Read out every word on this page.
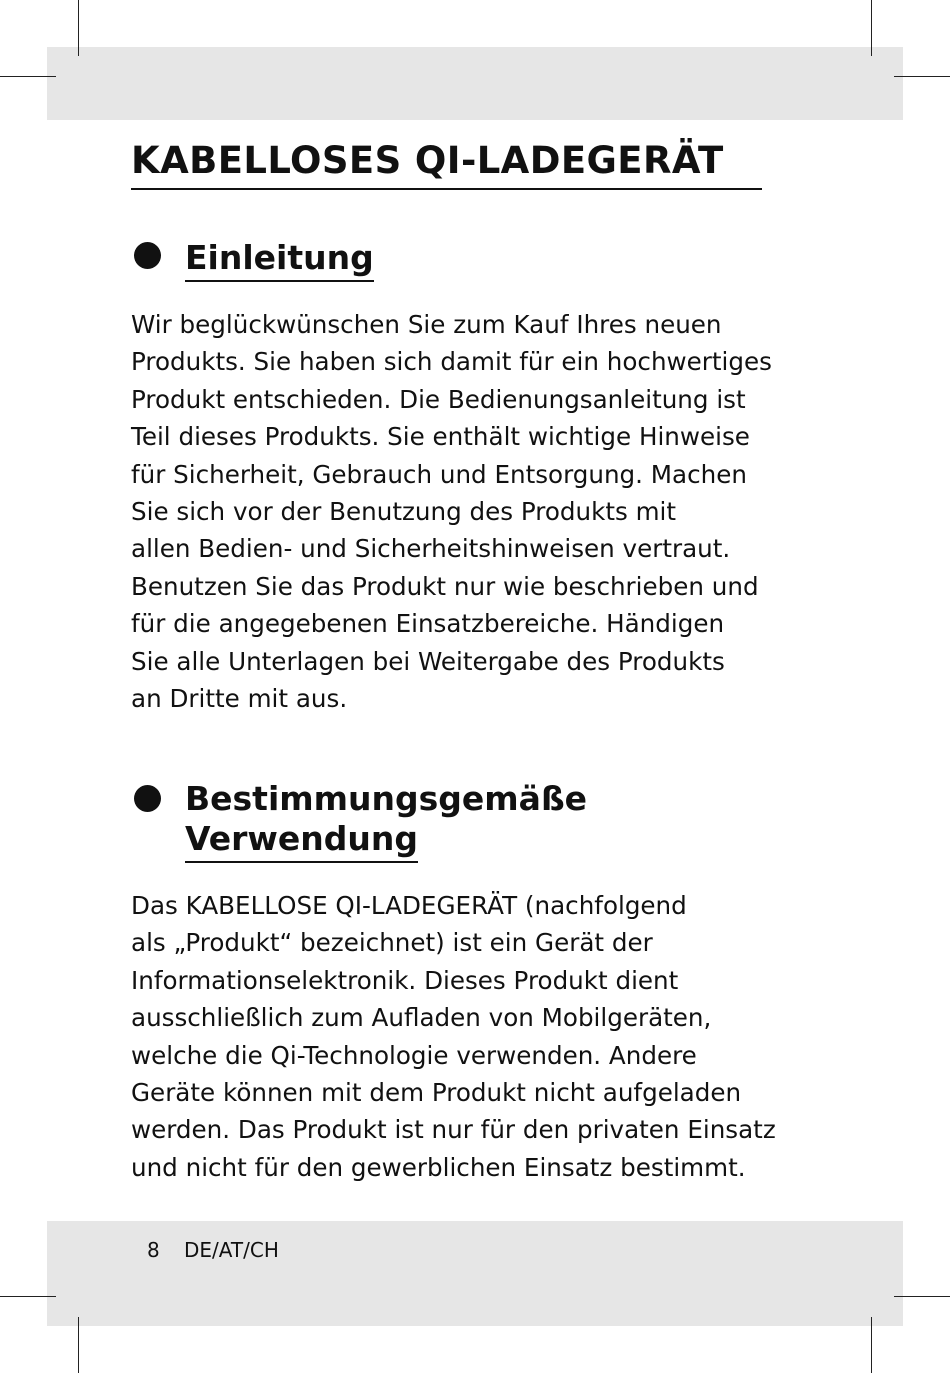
KABELLOSES QI-LADEGERÄT
Einleitung
Wir beglückwünschen Sie zum Kauf Ihres neuen
Produkts. Sie haben sich damit für ein hochwertiges
Produkt entschieden. Die Bedienungsanleitung ist
Teil dieses Produkts. Sie enthält wichtige Hinweise
für Sicherheit, Gebrauch und Entsorgung. Machen
Sie sich vor der Benutzung des Produkts mit
allen Bedien- und Sicherheitshinweisen vertraut.
Benutzen Sie das Produkt nur wie beschrieben und
für die angegebenen Einsatzbereiche. Händigen
Sie alle Unterlagen bei Weitergabe des Produkts
an Dritte mit aus.
Bestimmungsgemäße
Verwendung
Das KABELLOSE QI-LADEGERÄT (nachfolgend
als „Produkt“ bezeichnet) ist ein Gerät der
Informationselektronik. Dieses Produkt dient
ausschließlich zum Aufladen von Mobilgeräten,
welche die Qi-Technologie verwenden. Andere
Geräte können mit dem Produkt nicht aufgeladen
werden. Das Produkt ist nur für den privaten Einsatz
und nicht für den gewerblichen Einsatz bestimmt.
8 DE/AT/CH
